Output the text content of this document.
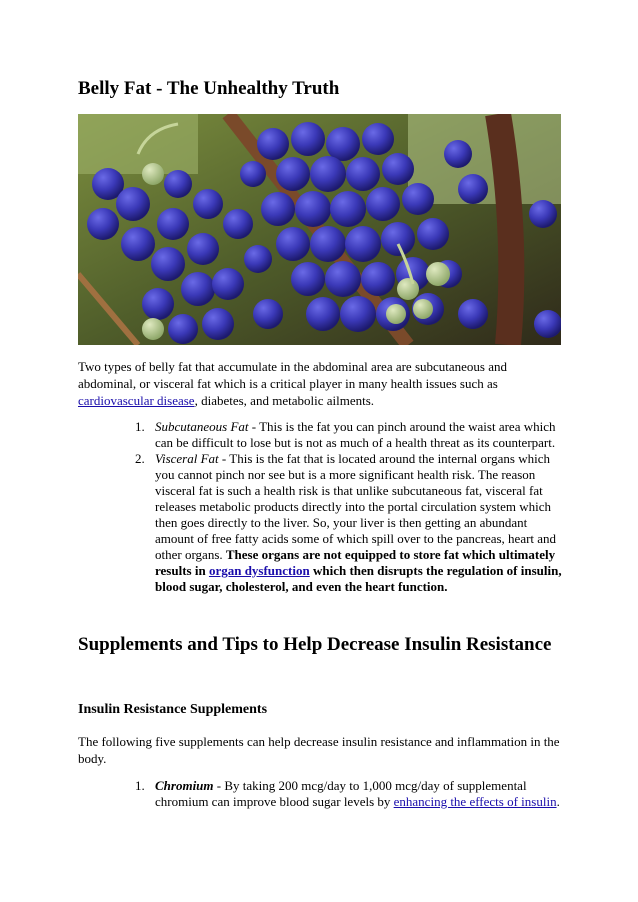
Belly Fat - The Unhealthy Truth

Two types of belly fat that accumulate in the abdominal area are subcutaneous and abdominal, or visceral fat which is a critical player in many health issues such as cardiovascular disease, diabetes, and metabolic ailments.

1. Subcutaneous Fat - This is the fat you can pinch around the waist area which can be difficult to lose but is not as much of a health threat as its counterpart.
2. Visceral Fat - This is the fat that is located around the internal organs which you cannot pinch nor see but is a more significant health risk. The reason visceral fat is such a health risk is that unlike subcutaneous fat, visceral fat releases metabolic products directly into the portal circulation system which then goes directly to the liver. So, your liver is then getting an abundant amount of free fatty acids some of which spill over to the pancreas, heart and other organs. These organs are not equipped to store fat which ultimately results in organ dysfunction which then disrupts the regulation of insulin, blood sugar, cholesterol, and even the heart function.
Supplements and Tips to Help Decrease Insulin Resistance
Insulin Resistance Supplements

The following five supplements can help decrease insulin resistance and inflammation in the body.

1. Chromium - By taking 200 mcg/day to 1,000 mcg/day of supplemental chromium can improve blood sugar levels by enhancing the effects of insulin.
